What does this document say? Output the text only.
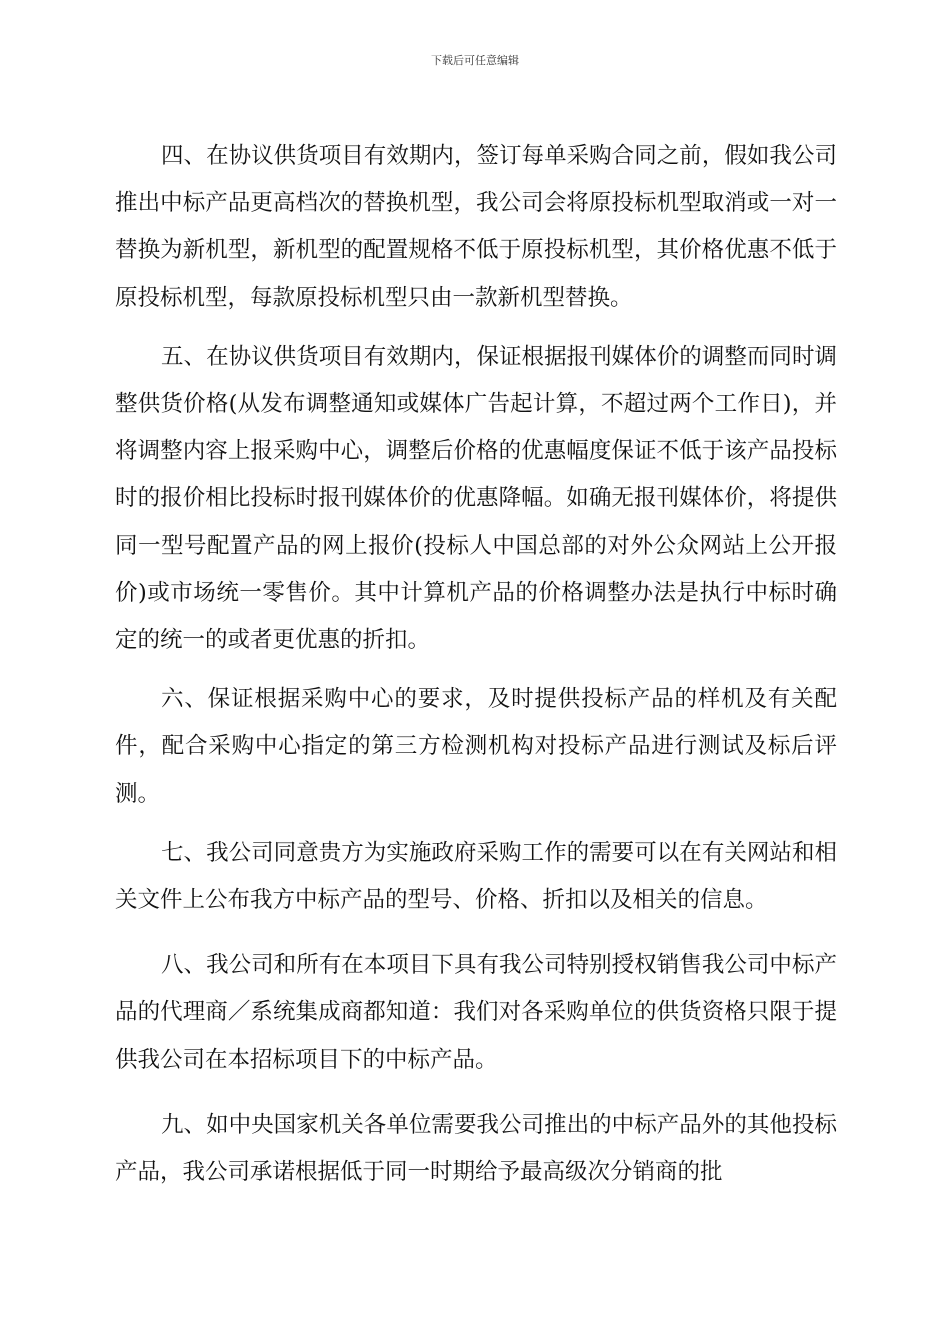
下载后可任意编辑

四、在协议供货项目有效期内，签订每单采购合同之前，假如我公司推出中标产品更高档次的替换机型，我公司会将原投标机型取消或一对一替换为新机型，新机型的配置规格不低于原投标机型，其价格优惠不低于原投标机型，每款原投标机型只由一款新机型替换。

五、在协议供货项目有效期内，保证根据报刊媒体价的调整而同时调整供货价格(从发布调整通知或媒体广告起计算，不超过两个工作日)，并将调整内容上报采购中心，调整后价格的优惠幅度保证不低于该产品投标时的报价相比投标时报刊媒体价的优惠降幅。如确无报刊媒体价，将提供同一型号配置产品的网上报价(投标人中国总部的对外公众网站上公开报价)或市场统一零售价。其中计算机产品的价格调整办法是执行中标时确定的统一的或者更优惠的折扣。

六、保证根据采购中心的要求，及时提供投标产品的样机及有关配件，配合采购中心指定的第三方检测机构对投标产品进行测试及标后评测。

七、我公司同意贵方为实施政府采购工作的需要可以在有关网站和相关文件上公布我方中标产品的型号、价格、折扣以及相关的信息。

八、我公司和所有在本项目下具有我公司特别授权销售我公司中标产品的代理商／系统集成商都知道：我们对各采购单位的供货资格只限于提供我公司在本招标项目下的中标产品。

九、如中央国家机关各单位需要我公司推出的中标产品外的其他投标产品，我公司承诺根据低于同一时期给予最高级次分销商的批
